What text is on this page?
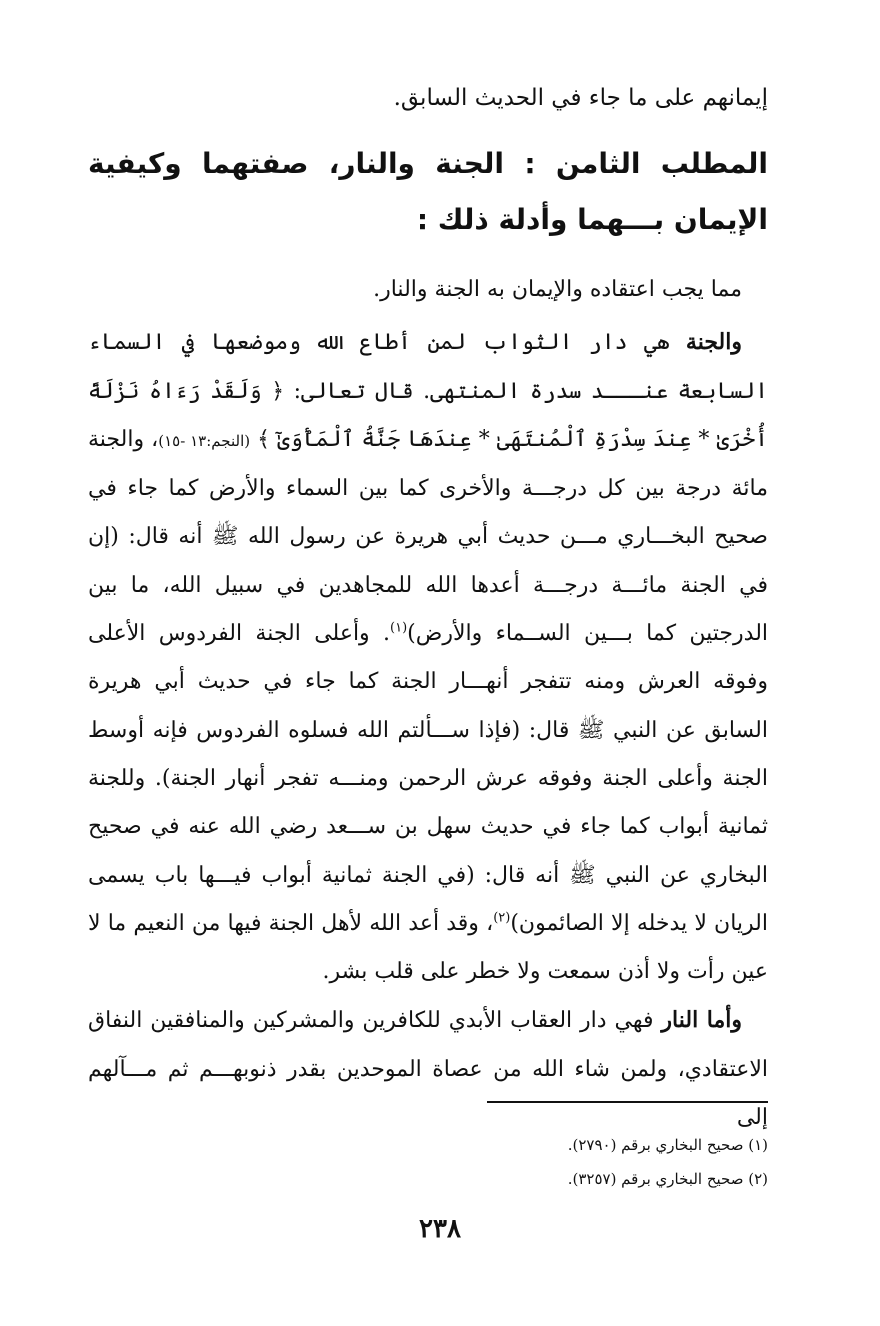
إيمانهم على ما جاء في الحديث السابق.
المطلب الثامن : الجنة والنار، صفتهما وكيفية الإيمان بـــهما وأدلة ذلك :

مما يجب اعتقاده والإيمان به الجنة والنار.

والجنة هي دار الثواب لمن أطاع الله وموضعها في السماء السابعة عنـــد سدرة المنتهى. قال تعالى: ﴿ وَلَقَدْ رَءَاهُ نَزْلَةً أُخْرَىٰ * عِندَ سِدْرَةِ ٱلْمُنتَهَىٰ * عِندَهَا جَنَّةُ ٱلْمَأْوَىٰٓ ﴾ (النجم:١٣ -١٥)، والجنة مائة درجة بين كل درجـــة والأخرى كما بين السماء والأرض كما جاء في صحيح البخـــاري مـــن حديث أبي هريرة عن رسول الله ﷺ أنه قال: (إن في الجنة مائـــة درجـــة أعدها الله للمجاهدين في سبيل الله، ما بين الدرجتين كما بـــين الســماء والأرض)$^{(١)}$. وأعلى الجنة الفردوس الأعلى وفوقه العرش ومنه تتفجر أنهـــار الجنة كما جاء في حديث أبي هريرة السابق عن النبي ﷺ قال: (فإذا ســـألتم الله فسلوه الفردوس فإنه أوسط الجنة وأعلى الجنة وفوقه عرش الرحمن ومنـــه تفجر أنهار الجنة). وللجنة ثمانية أبواب كما جاء في حديث سهل بن ســـعد رضي الله عنه في صحيح البخاري عن النبي ﷺ أنه قال: (في الجنة ثمانية أبواب فيـــها باب يسمى الريان لا يدخله إلا الصائمون)$^{(٢)}$، وقد أعد الله لأهل الجنة فيها من النعيم ما لا عين رأت ولا أذن سمعت ولا خطر على قلب بشر.

وأما النار فهي دار العقاب الأبدي للكافرين والمشركين والمنافقين النفاق الاعتقادي، ولمن شاء الله من عصاة الموحدين بقدر ذنوبهـــم ثم مـــآلهم إلى

(١) صحيح البخاري برقم (٢٧٩٠).
(٢) صحيح البخاري برقم (٣٢٥٧).
٢٣٨
